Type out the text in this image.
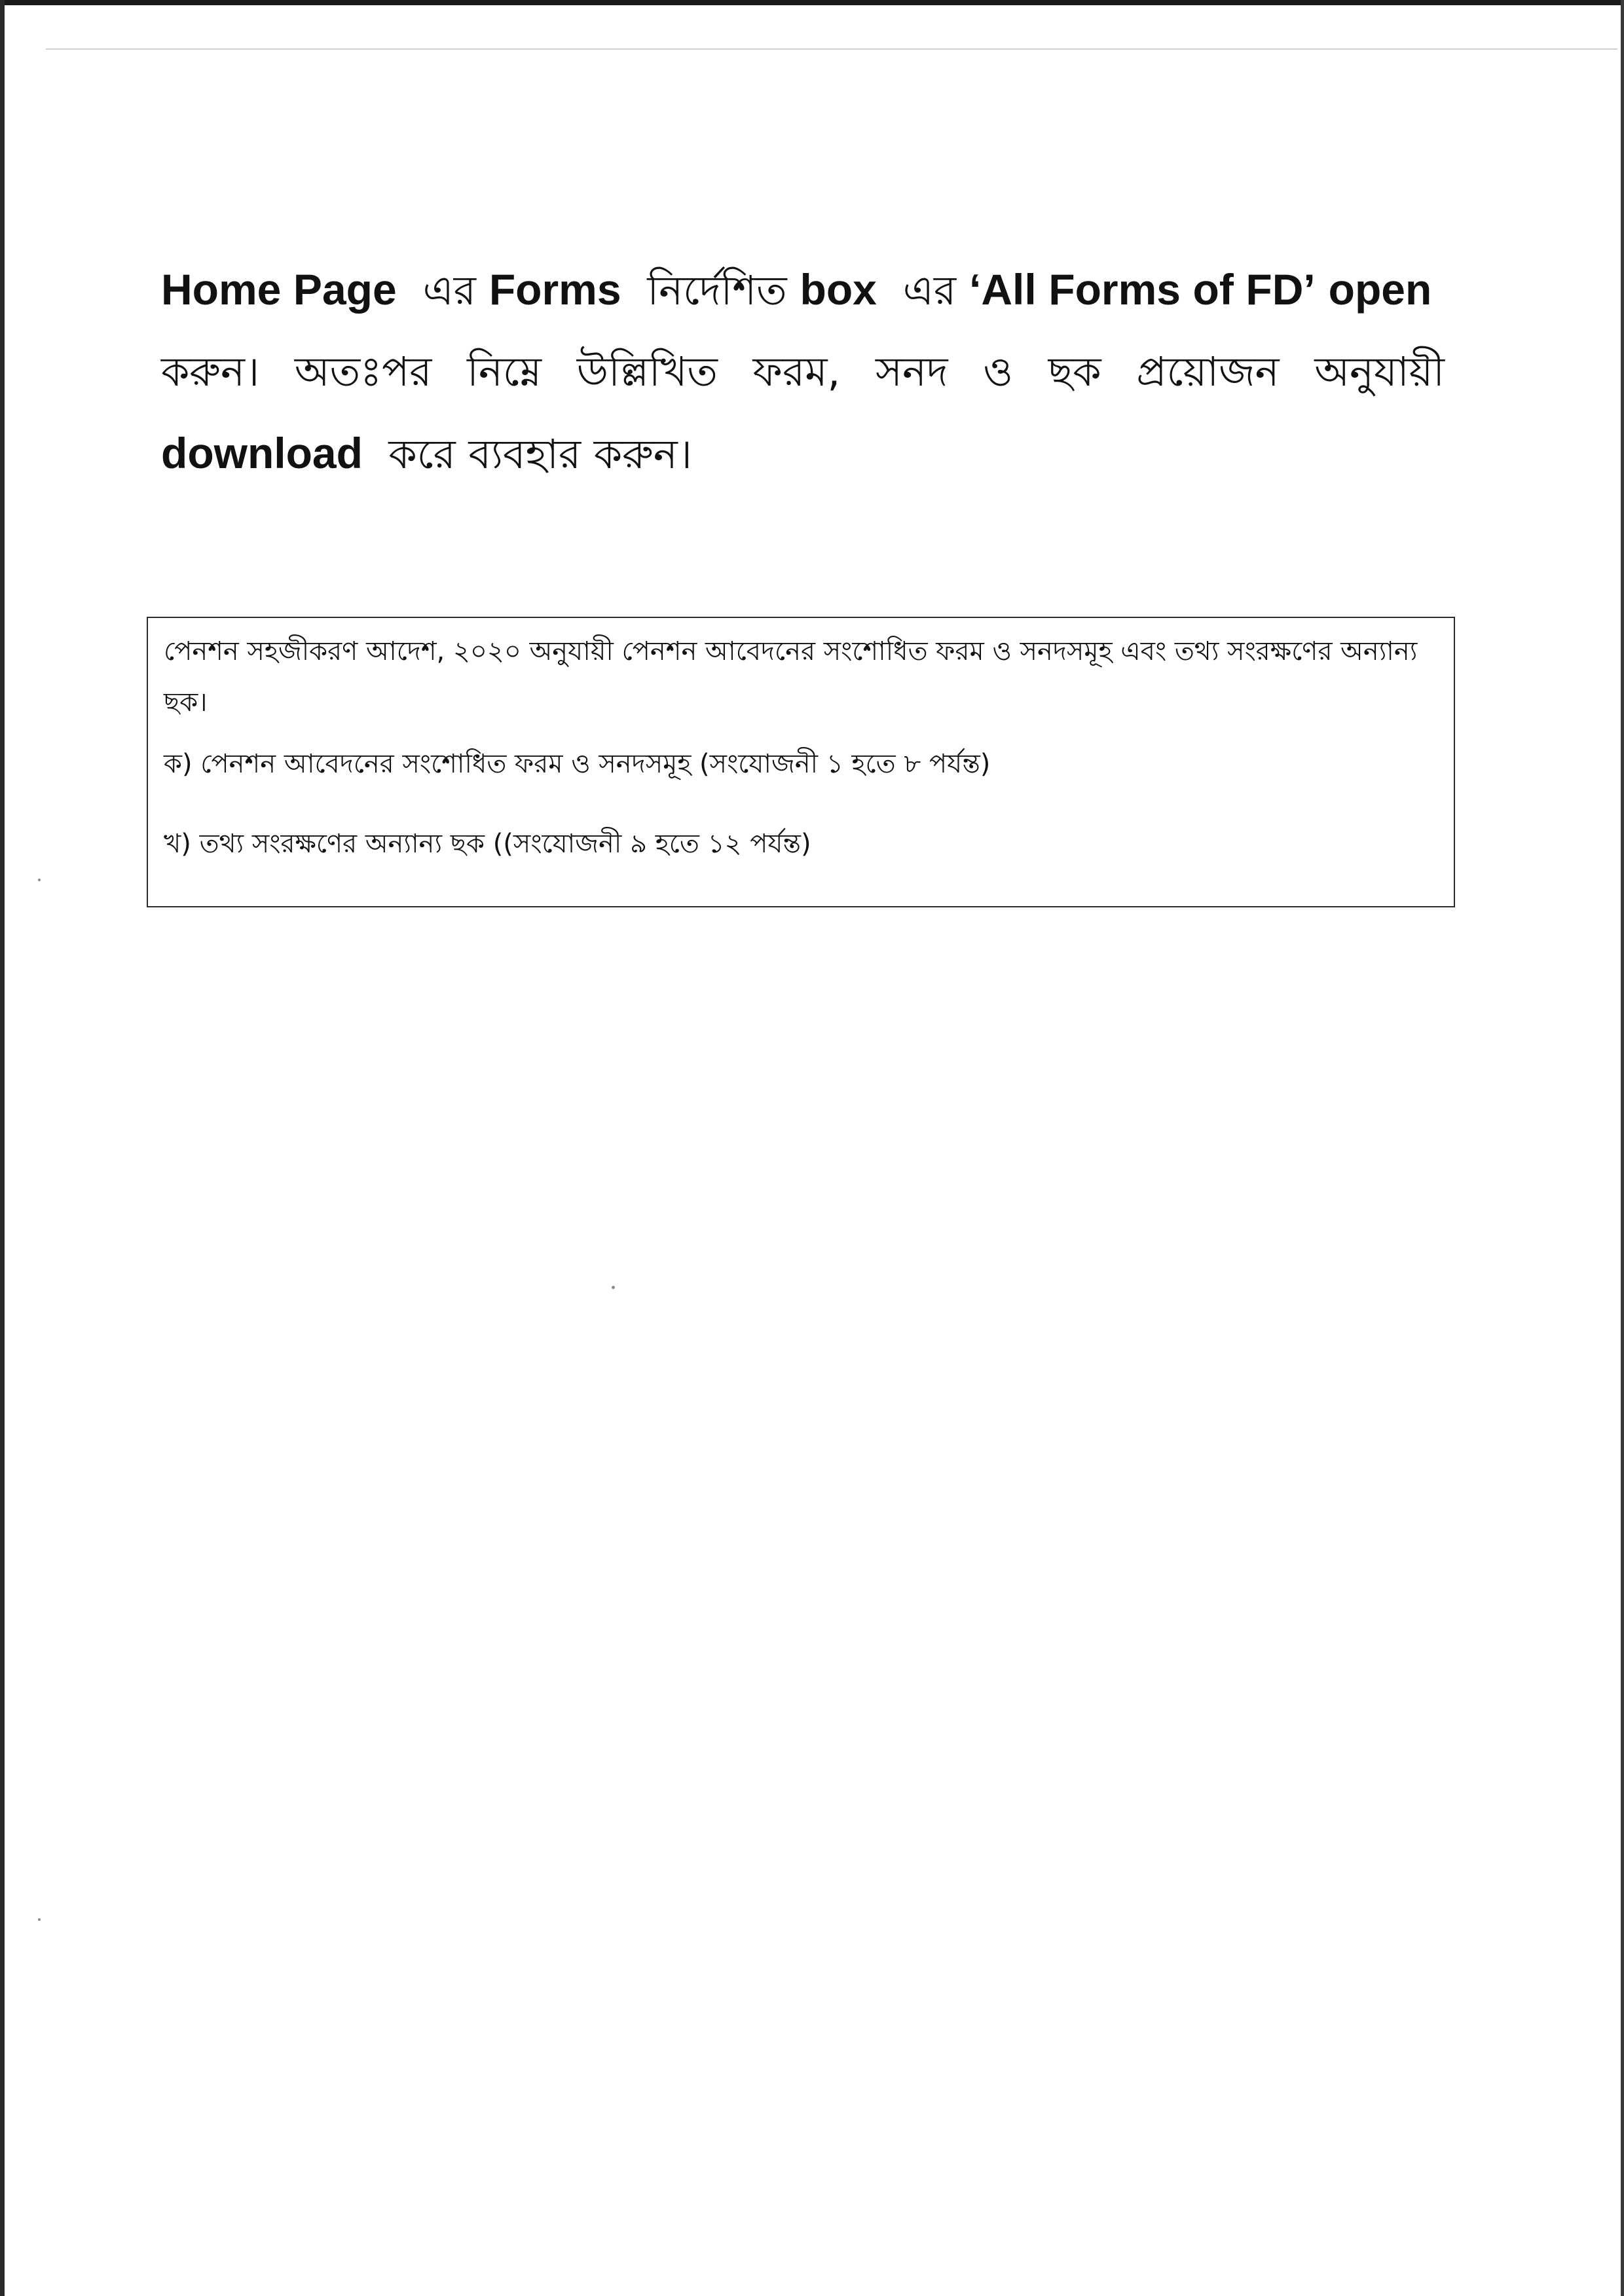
Home Page এর Forms নির্দেশিত box এর ‘All Forms of FD’ open  করুন। অতঃপর নিম্নে উল্লিখিত ফরম, সনদ ও ছক প্রয়োজন অনুযায়ী download করে ব্যবহার করুন।

পেনশন সহজীকরণ আদেশ, ২০২০ অনুযায়ী পেনশন আবেদনের সংশোধিত ফরম ও সনদসমূহ এবং তথ্য সংরক্ষণের অন্যান্য ছক।

ক) পেনশন আবেদনের সংশোধিত ফরম ও সনদসমূহ (সংযোজনী ১ হতে ৮ পর্যন্ত)

খ) তথ্য সংরক্ষণের অন্যান্য ছক ((সংযোজনী ৯ হতে ১২ পর্যন্ত)
